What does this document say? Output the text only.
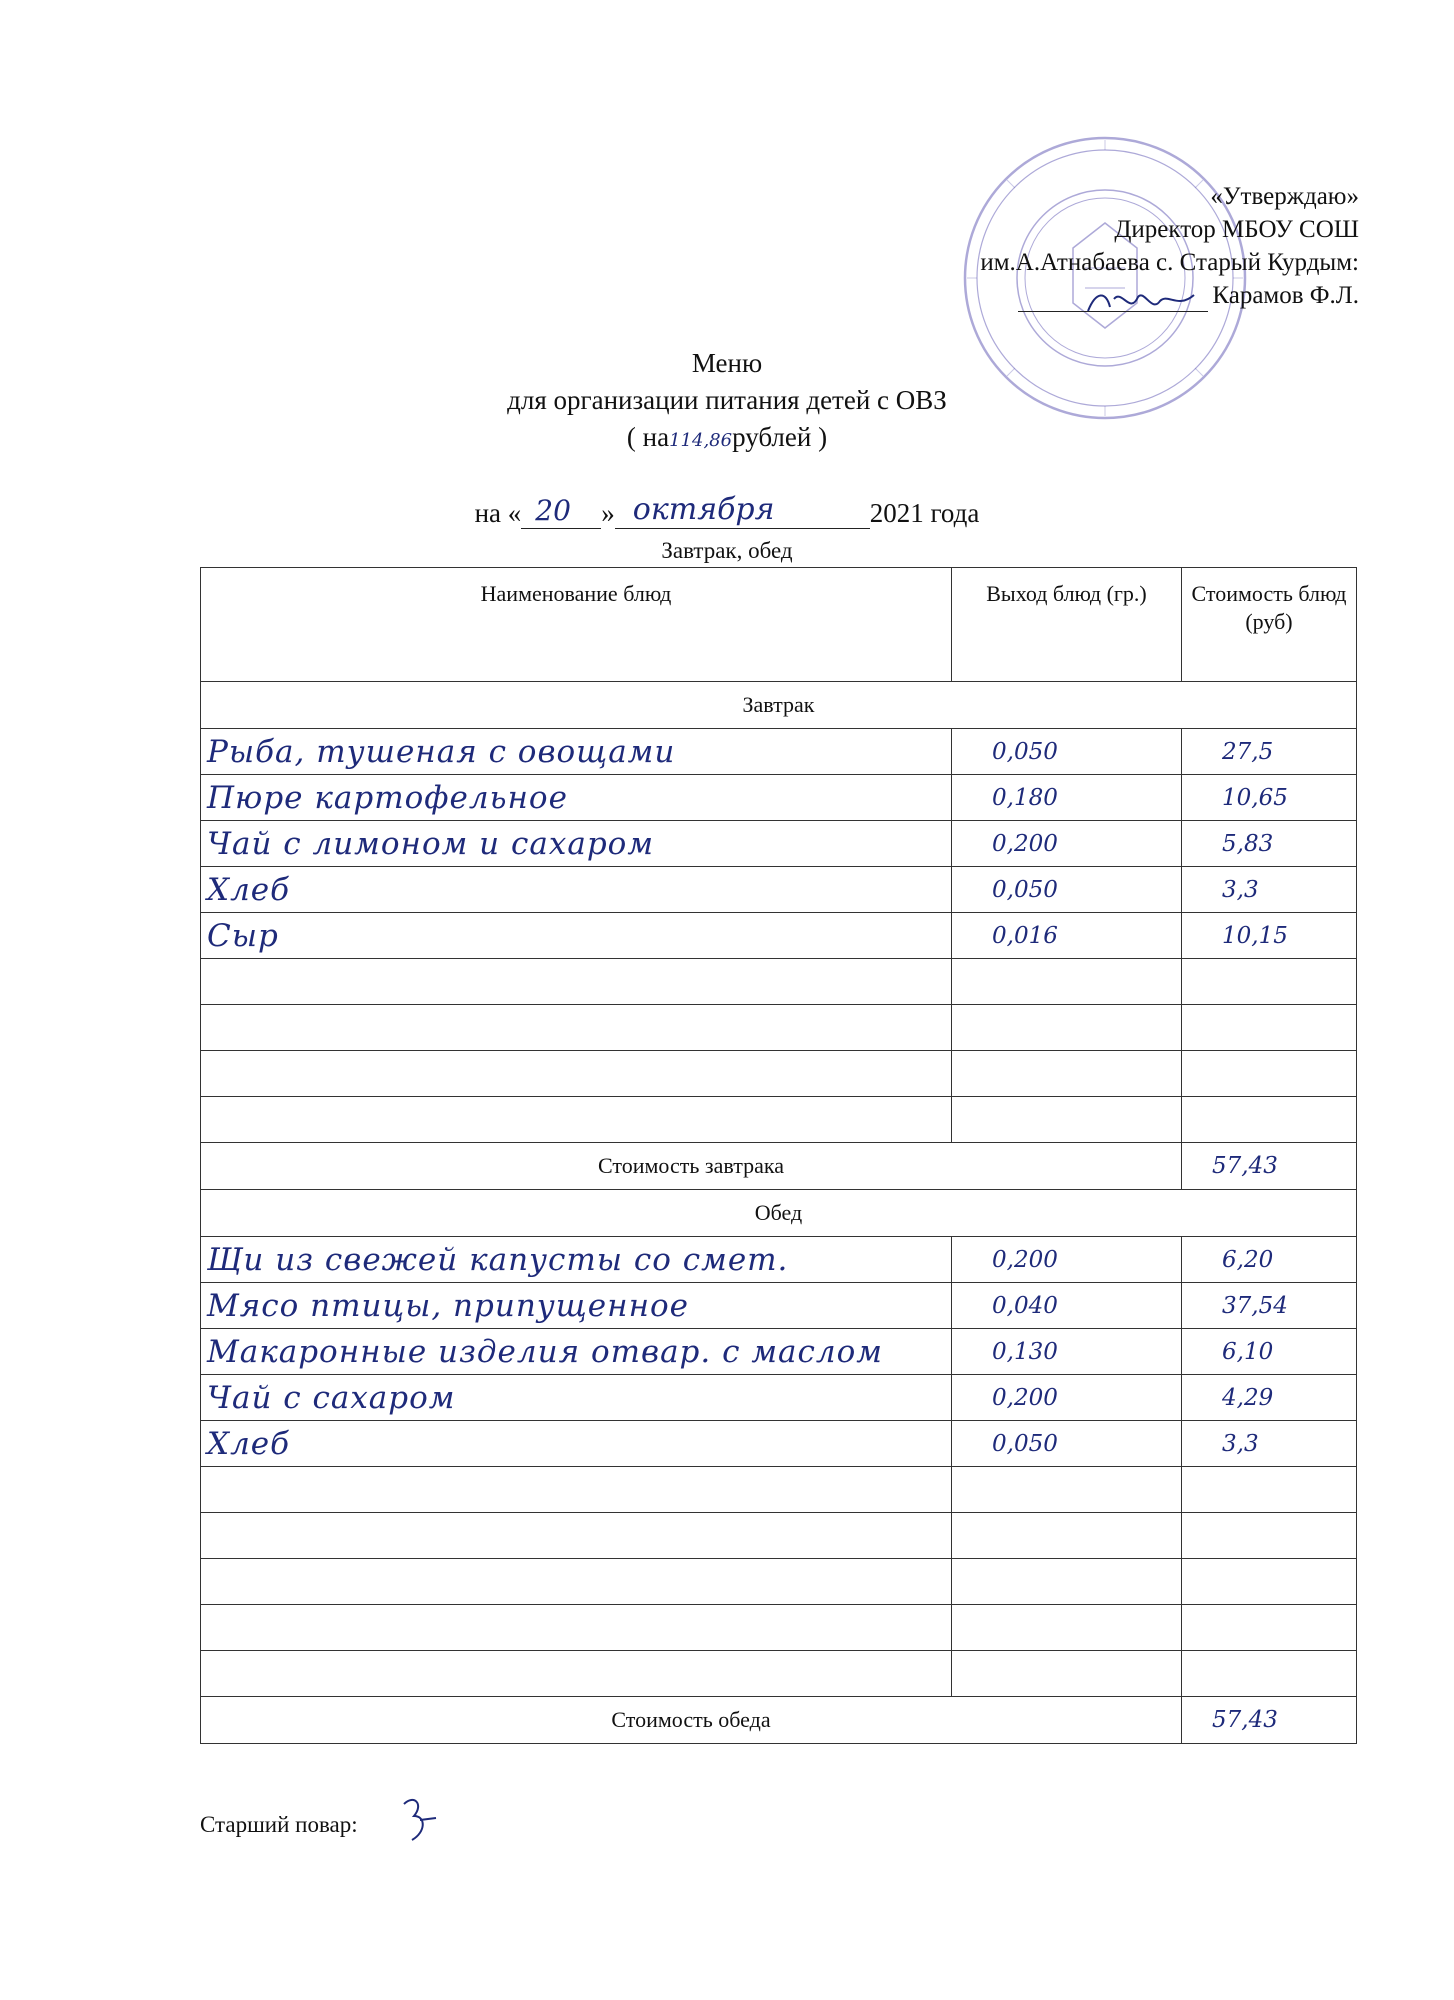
«Утверждаю»
Директор МБОУ СОШ
им.А.Атнабаева с. Старый Курдым:
Карамов Ф.Л.
Меню
для организации питания детей с ОВЗ
( на114,86рублей )
на « 20 » октября	2021 года
Завтрак, обед
Наименование блюд	Выход блюд (гр.)	Стоимость блюд (руб)
Завтрак		
Рыба, тушеная с овощами	0,050	27,5
Пюре картофельное	0,180	10,65
Чай с лимоном и сахаром	0,200	5,83
Хлеб	0,050	3,3
Сыр	0,016	10,15

Стоимость завтрака		57,43
Обед		
Щи из свежей капусты со смет.	0,200	6,20
Мясо птицы, припущенное	0,040	37,54
Макаронные изделия отвар. с маслом	0,130	6,10
Чай с сахаром	0,200	4,29
Хлеб	0,050	3,3

Стоимость обеда		57,43
Старший повар:
